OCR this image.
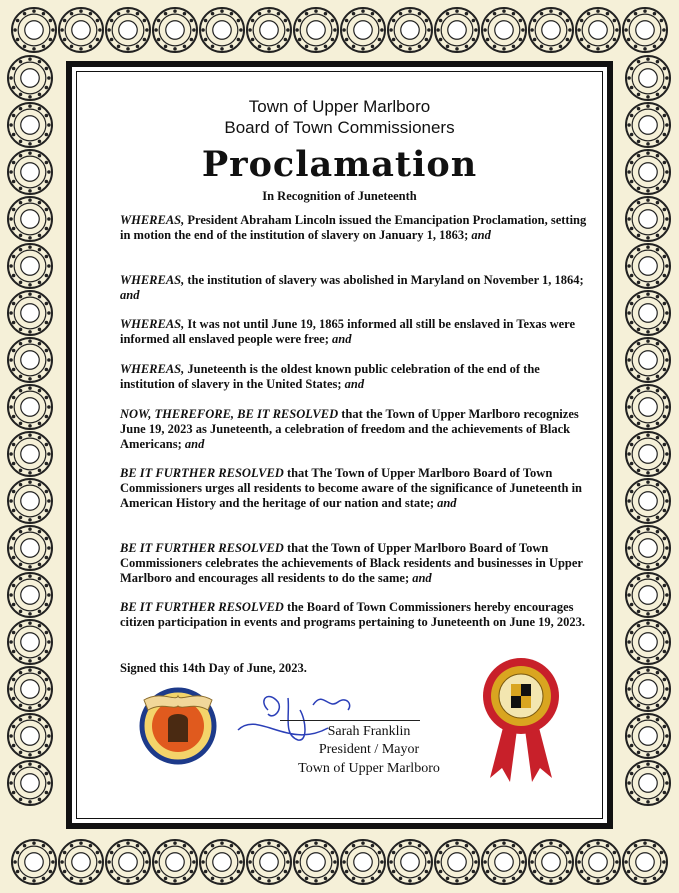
Town of Upper Marlboro
Board of Town Commissioners
Proclamation
In Recognition of Juneteenth
WHEREAS, President Abraham Lincoln issued the Emancipation Proclamation, setting in motion the end of the institution of slavery on January 1, 1863; and
WHEREAS, the institution of slavery was abolished in Maryland on November 1, 1864; and
WHEREAS, It was not until June 19, 1865 informed all still be enslaved in Texas were informed all enslaved people were free; and
WHEREAS, Juneteenth is the oldest known public celebration of the end of the institution of slavery in the United States; and
NOW, THEREFORE, BE IT RESOLVED that the Town of Upper Marlboro recognizes June 19, 2023 as Juneteenth, a celebration of freedom and the achievements of Black Americans; and
BE IT FURTHER RESOLVED that The Town of Upper Marlboro Board of Town Commissioners urges all residents to become aware of the significance of Juneteenth in American History and the heritage of our nation and state; and
BE IT FURTHER RESOLVED that the Town of Upper Marlboro Board of Town Commissioners celebrates the achievements of Black residents and businesses in Upper Marlboro and encourages all residents to do the same; and
BE IT FURTHER RESOLVED the Board of Town Commissioners hereby encourages citizen participation in events and programs pertaining to Juneteenth on June 19, 2023.
Signed this 14th Day of June, 2023.
Sarah Franklin
President / Mayor
Town of Upper Marlboro
